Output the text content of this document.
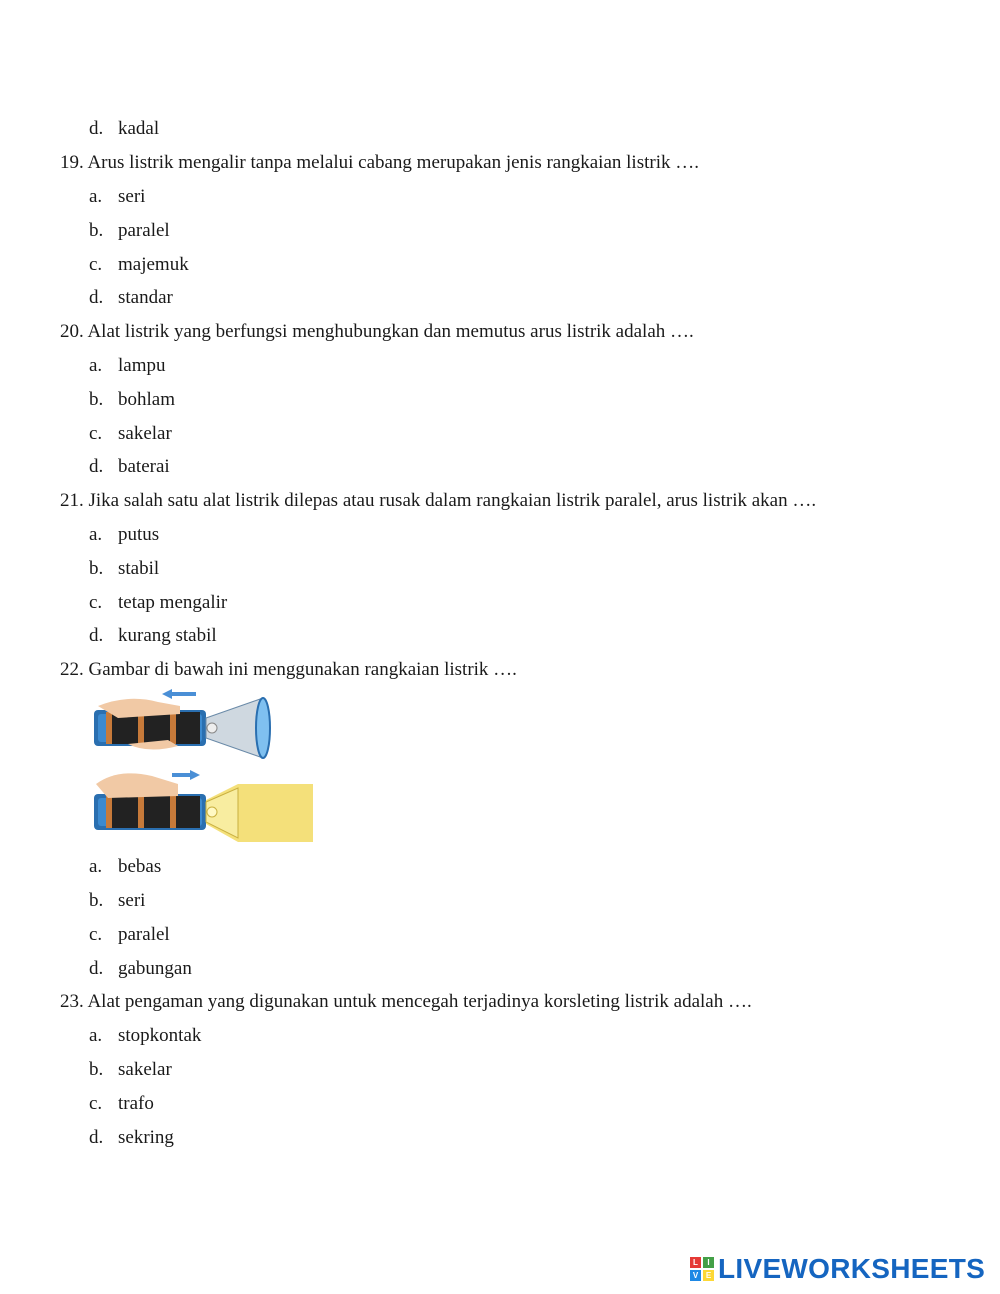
d. kadal
19. Arus listrik mengalir tanpa melalui cabang merupakan jenis rangkaian listrik ….
a. seri
b. paralel
c. majemuk
d. standar
20. Alat listrik yang berfungsi menghubungkan dan memutus arus listrik adalah ….
a. lampu
b. bohlam
c. sakelar
d. baterai
21. Jika salah satu alat listrik dilepas atau rusak dalam rangkaian listrik paralel, arus listrik akan ….
a. putus
b. stabil
c. tetap mengalir
d. kurang stabil
22. Gambar di bawah ini menggunakan rangkaian listrik ….
a. bebas
b. seri
c. paralel
d. gabungan
23. Alat pengaman yang digunakan untuk mencegah terjadinya korsleting listrik adalah ….
a. stopkontak
b. sakelar
c. trafo
d. sekring
L	I
V E LIVEWORKSHEETS
